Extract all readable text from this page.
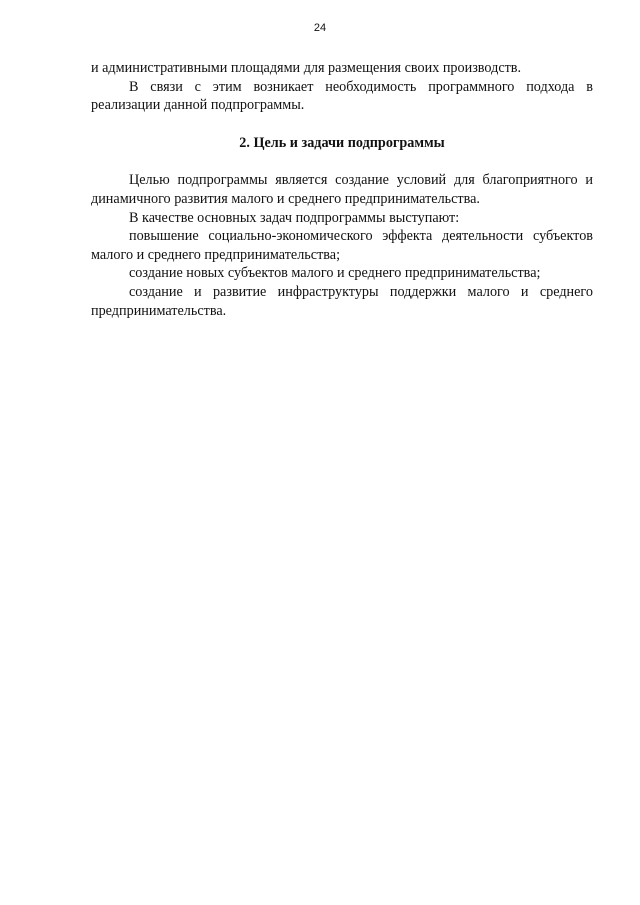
24

и административными площадями для размещения своих производств.

В связи с этим возникает необходимость программного подхода в реализации данной подпрограммы.

2. Цель и задачи подпрограммы

Целью подпрограммы является создание условий для благоприятного и динамичного развития малого и среднего предпринимательства.

В качестве основных задач подпрограммы выступают:

повышение социально-экономического эффекта деятельности субъектов малого и среднего предпринимательства;

создание новых субъектов малого и среднего предпринимательства;

создание и развитие инфраструктуры поддержки малого и среднего предпринимательства.
